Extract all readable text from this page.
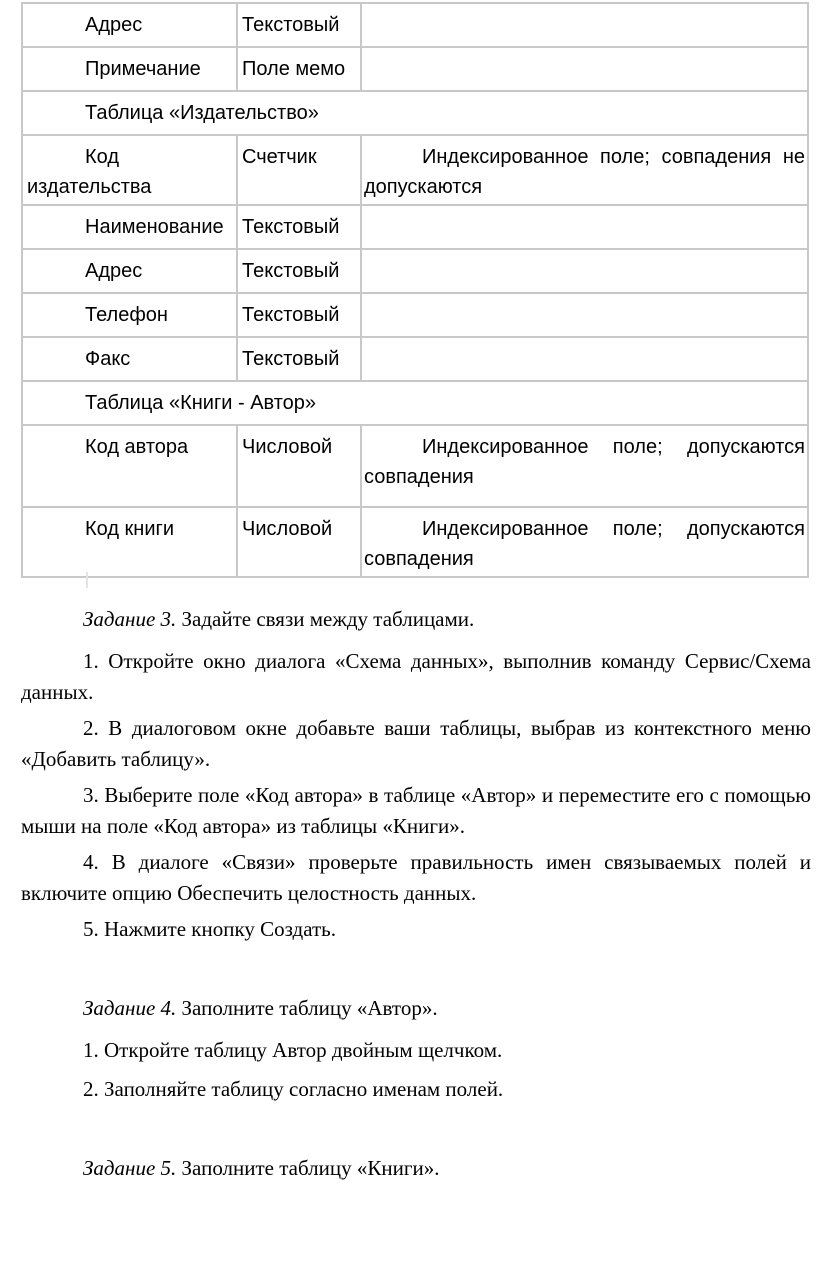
Адрес	Текстовый	

Примечание	Поле мемо	

Таблица «Издательство»		

Код
издательства	Счетчик	Индексированное поле; совпадения не допускаются

Наименование	Текстовый	

Адрес	Текстовый	

Телефон	Текстовый	

Факс	Текстовый	

Таблица «Книги - Автор»		

Код автора	Числовой	Индексированное поле; допускаются совпадения

Код книги	Числовой	Индексированное поле; допускаются совпадения
Задание 3. Задайте связи между таблицами.
1. Откройте окно диалога «Схема данных», выполнив команду Сервис/Схема данных.
2. В диалоговом окне добавьте ваши таблицы, выбрав из контекстного меню «Добавить таблицу».
3. Выберите поле «Код автора» в таблице «Автор» и переместите его с помощью мыши на поле «Код автора» из таблицы «Книги».
4. В диалоге «Связи» проверьте правильность имен связываемых полей и включите опцию Обеспечить целостность данных.
5. Нажмите кнопку Создать.
Задание 4. Заполните таблицу «Автор».
1. Откройте таблицу Автор двойным щелчком.
2. Заполняйте таблицу согласно именам полей.
Задание 5. Заполните таблицу «Книги».
